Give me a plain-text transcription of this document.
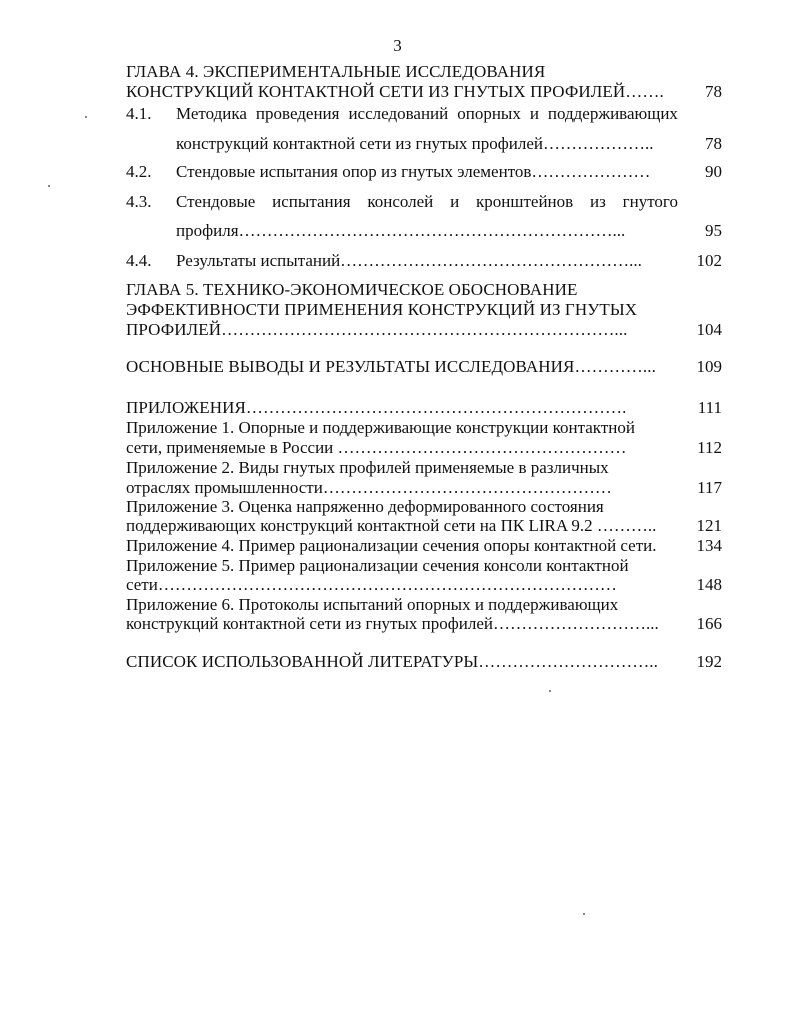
3
ГЛАВА 4. ЭКСПЕРИМЕНТАЛЬНЫЕ ИССЛЕДОВАНИЯ
КОНСТРУКЦИЙ КОНТАКТНОЙ СЕТИ ИЗ ГНУТЫХ ПРОФИЛЕЙ…….	78
4.1. Методика проведения исследований опорных и поддерживающих
конструкций контактной сети из гнутых профилей………………..	78
4.2. Стендовые испытания опор из гнутых элементов…………………	90
4.3. Стендовые испытания консолей и кронштейнов из гнутого
профиля…………………………………………………………...	95
4.4. Результаты испытаний……………………………………………...	102
ГЛАВА 5. ТЕХНИКО-ЭКОНОМИЧЕСКОЕ ОБОСНОВАНИЕ
ЭФФЕКТИВНОСТИ ПРИМЕНЕНИЯ КОНСТРУКЦИЙ ИЗ ГНУТЫХ
ПРОФИЛЕЙ……………………………………………………………...	104
ОСНОВНЫЕ ВЫВОДЫ И РЕЗУЛЬТАТЫ ИССЛЕДОВАНИЯ…………...	109
ПРИЛОЖЕНИЯ………………………………………………………….	111
Приложение 1. Опорные и поддерживающие конструкции контактной
сети, применяемые в России ……………………………………………	112
Приложение 2. Виды гнутых профилей применяемые в различных
отраслях промышленности……………………………………………	117
Приложение 3. Оценка напряженно деформированного состояния
поддерживающих конструкций контактной сети на ПК LIRA 9.2 ………..	121
Приложение 4. Пример рационализации сечения опоры контактной сети.	134
Приложение 5. Пример рационализации сечения консоли контактной
сети………………………………………………………………………	148
Приложение 6. Протоколы испытаний опорных и поддерживающих
конструкций контактной сети из гнутых профилей………………………...	166
СПИСОК ИСПОЛЬЗОВАННОЙ ЛИТЕРАТУРЫ…………………………..	192
